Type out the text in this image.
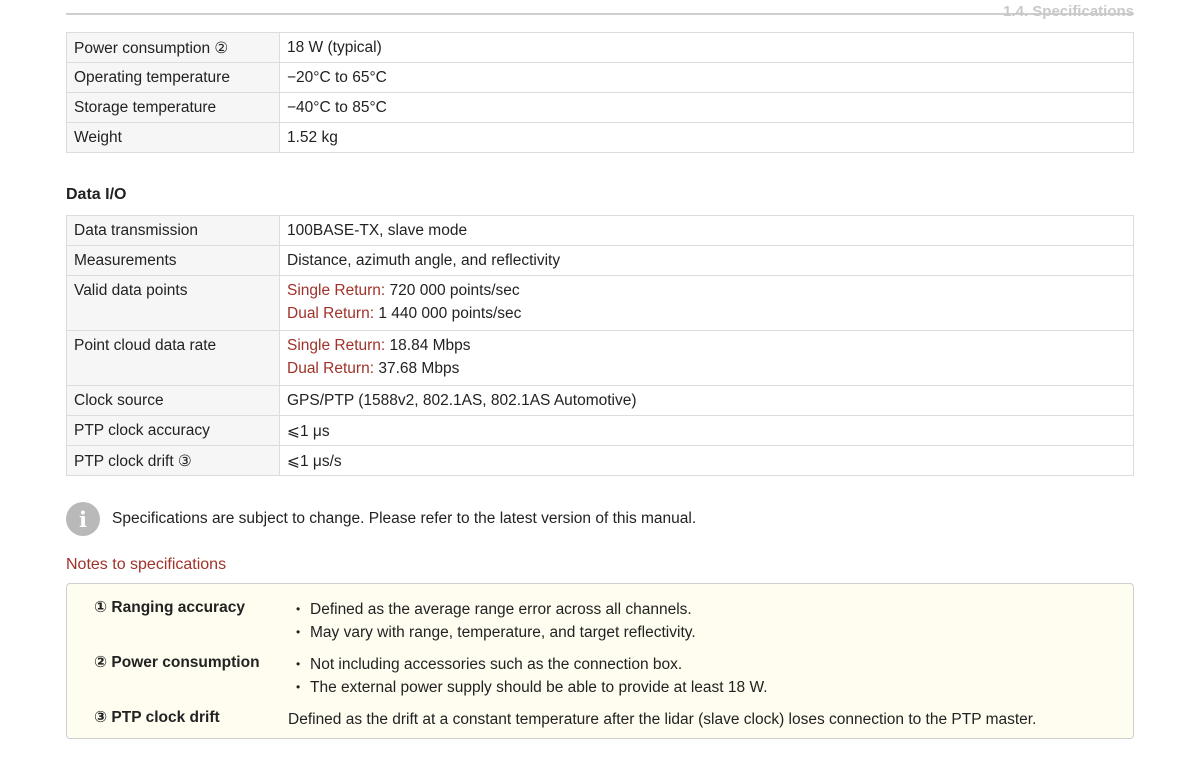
1.4. Specifications
Power consumption ②	18 W (typical)
Operating temperature	−20°C to 65°C
Storage temperature	−40°C to 85°C
Weight	1.52 kg
Data I/O
Data transmission	100BASE-TX, slave mode
Measurements	Distance, azimuth angle, and reflectivity
Valid data points	Single Return: 720 000 points/sec
Dual Return: 1 440 000 points/sec

Point cloud data rate	Single Return: 18.84 Mbps
Dual Return: 37.68 Mbps

Clock source	GPS/PTP (1588v2, 802.1AS, 802.1AS Automotive)
PTP clock accuracy	⩽1 μs
PTP clock drift ③	⩽1 μs/s
i	Specifications are subject to change. Please refer to the latest version of this manual.
Notes to specifications
① Ranging accuracy	• Defined as the average range error across all channels.
• May vary with range, temperature, and target reflectivity.
② Power consumption	• Not including accessories such as the connection box.
• The external power supply should be able to provide at least 18 W.
③ PTP clock drift	Defined as the drift at a constant temperature after the lidar (slave clock) loses connection to the PTP master.
